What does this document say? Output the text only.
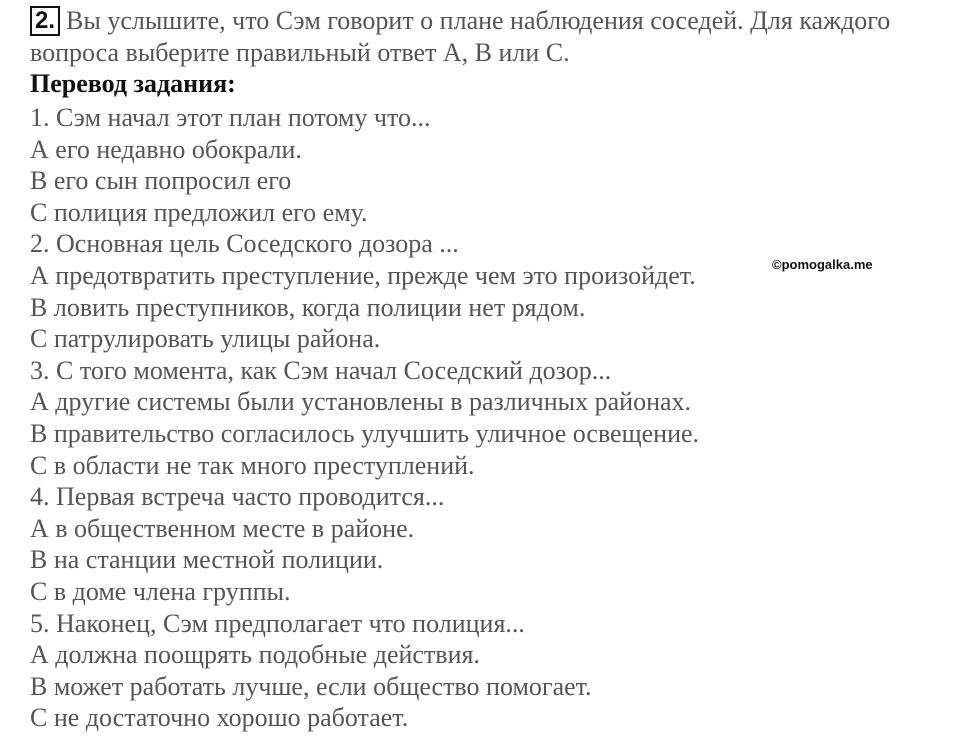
2. Вы услышите, что Сэм говорит о плане наблюдения соседей. Для каждого вопроса выберите правильный ответ A, B или C.
Перевод задания:
1. Сэм начал этот план потому что...
А его недавно обокрали.
В его сын попросил его
С полиция предложил его ему.
2. Основная цель Соседского дозора ...
А предотвратить преступление, прежде чем это произойдет.
В ловить преступников, когда полиции нет рядом.
С патрулировать улицы района.
3. С того момента, как Сэм начал Соседский дозор...
А другие системы были установлены в различных районах.
В правительство согласилось улучшить уличное освещение.
С в области не так много преступлений.
4. Первая встреча часто проводится...
А в общественном месте в районе.
В на станции местной полиции.
С в доме члена группы.
5. Наконец, Сэм предполагает что полиция...
А должна поощрять подобные действия.
В может работать лучше, если общество помогает.
С не достаточно хорошо работает.
©pomogalka.me
